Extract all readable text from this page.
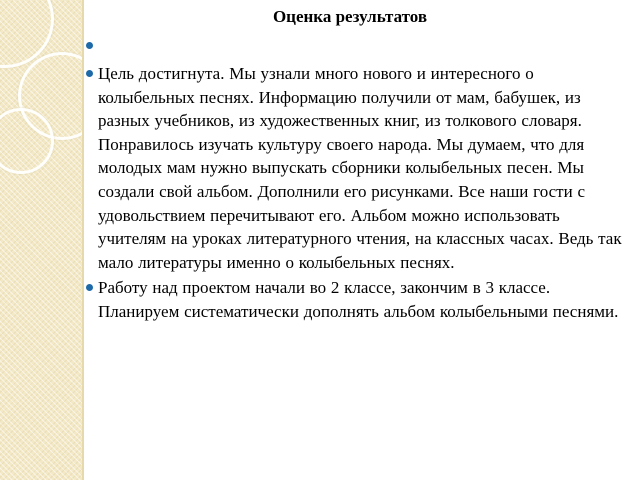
Оценка результатов
Цель достигнута. Мы узнали много нового и интересного о колыбельных песнях. Информацию получили от мам, бабушек, из разных учебников, из художественных книг, из толкового словаря. Понравилось изучать культуру своего народа. Мы думаем, что для молодых мам нужно выпускать сборники колыбельных песен. Мы создали свой альбом. Дополнили его рисунками. Все наши гости с удовольствием перечитывают его. Альбом можно использовать учителям на уроках литературного чтения, на классных часах. Ведь так мало литературы именно о колыбельных песнях.
Работу над проектом начали во 2 классе, закончим в 3 классе. Планируем систематически дополнять альбом колыбельными песнями.
